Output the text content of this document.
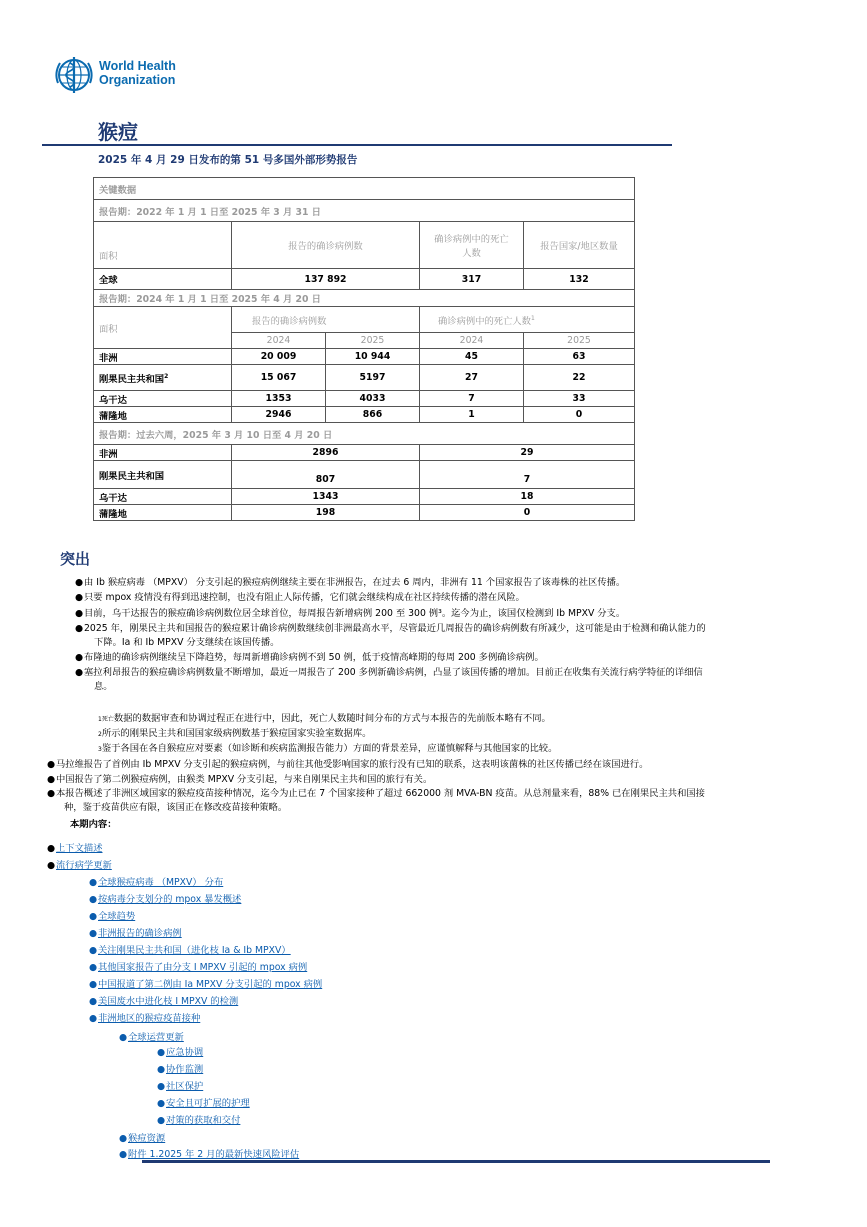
World Health
Organization
猴痘
2025 年 4 月 29 日发布的第 51 号多国外部形势报告
关键数据				
报告期：2022 年 1 月 1 日至 2025 年 3 月 31 日				
面积	报告的确诊病例数		确诊病例中的死亡人数	报告国家/地区数量
全球	137 892		317	132
报告期：2024 年 1 月 1 日至 2025 年 4 月 20 日				
面积	报告的确诊病例数		确诊病例中的死亡人数$^1$
	2024	2025	2024	2025
非洲	20 009	10 944	45	63
刚果民主共和国$^2$	15 067	5197	27	22
乌干达	1353	4033	7	33
蒲隆地	2946	866	1	0
报告期：过去六周，2025 年 3 月 10 日至 4 月 20 日				
非洲	2896		29	
刚果民主共和国	807		7	
乌干达	1343		18	
蒲隆地	198		0	
突出
● 由 Ib 猴痘病毒 （MPXV） 分支引起的猴痘病例继续主要在非洲报告，在过去 6 周内，非洲有 11 个国家报告了该毒株的社区传播。
● 只要 mpox 疫情没有得到迅速控制，也没有阻止人际传播，它们就会继续构成在社区持续传播的潜在风险。
● 目前，乌干达报告的猴痘确诊病例数位居全球首位，每周报告新增病例 200 至 300 例³。迄今为止，该国仅检测到 Ib MPXV 分支。
● 2025 年，刚果民主共和国报告的猴痘累计确诊病例数继续创非洲最高水平，尽管最近几周报告的确诊病例数有所减少，这可能是由于检测和确认能力的
下降。Ia 和 Ib MPXV 分支继续在该国传播。
● 布隆迪的确诊病例继续呈下降趋势，每周新增确诊病例不到 50 例，低于疫情高峰期的每周 200 多例确诊病例。
● 塞拉利昂报告的猴痘确诊病例数量不断增加，最近一周报告了 200 多例新确诊病例，凸显了该国传播的增加。目前正在收集有关流行病学特征的详细信
息。
1死亡数据的数据审查和协调过程正在进行中，因此，死亡人数随时间分布的方式与本报告的先前版本略有不同。
2所示的刚果民主共和国国家级病例数基于猴痘国家实验室数据库。
3鉴于各国在各自猴痘应对要素（如诊断和疾病监测报告能力）方面的背景差异，应谨慎解释与其他国家的比较。
● 马拉维报告了首例由 Ib MPXV 分支引起的猴痘病例，与前往其他受影响国家的旅行没有已知的联系，这表明该菌株的社区传播已经在该国进行。
● 中国报告了第二例猴痘病例，由猴类 MPXV 分支引起，与来自刚果民主共和国的旅行有关。
● 本报告概述了非洲区域国家的猴痘疫苗接种情况，迄今为止已在 7 个国家接种了超过 662000 剂 MVA-BN 疫苗。从总剂量来看，88% 已在刚果民主共和国接
种，鉴于疫苗供应有限，该国正在修改疫苗接种策略。
本期内容：
● 上下文描述
● 流行病学更新
● 全球猴痘病毒 （MPXV） 分布
● 按病毒分支划分的 mpox 暴发概述
● 全球趋势
● 非洲报告的确诊病例
● 关注刚果民主共和国（进化枝 Ia & Ib MPXV）
● 其他国家报告了由分支 I MPXV 引起的 mpox 病例
● 中国报道了第二例由 Ia MPXV 分支引起的 mpox 病例
● 美国废水中进化枝 I MPXV 的检测
● 非洲地区的猴痘疫苗接种
● 全球运营更新
● 应急协调
● 协作监测
● 社区保护
● 安全且可扩展的护理
● 对策的获取和交付
● 猴痘资源
● 附件 1.2025 年 2 月的最新快速风险评估
